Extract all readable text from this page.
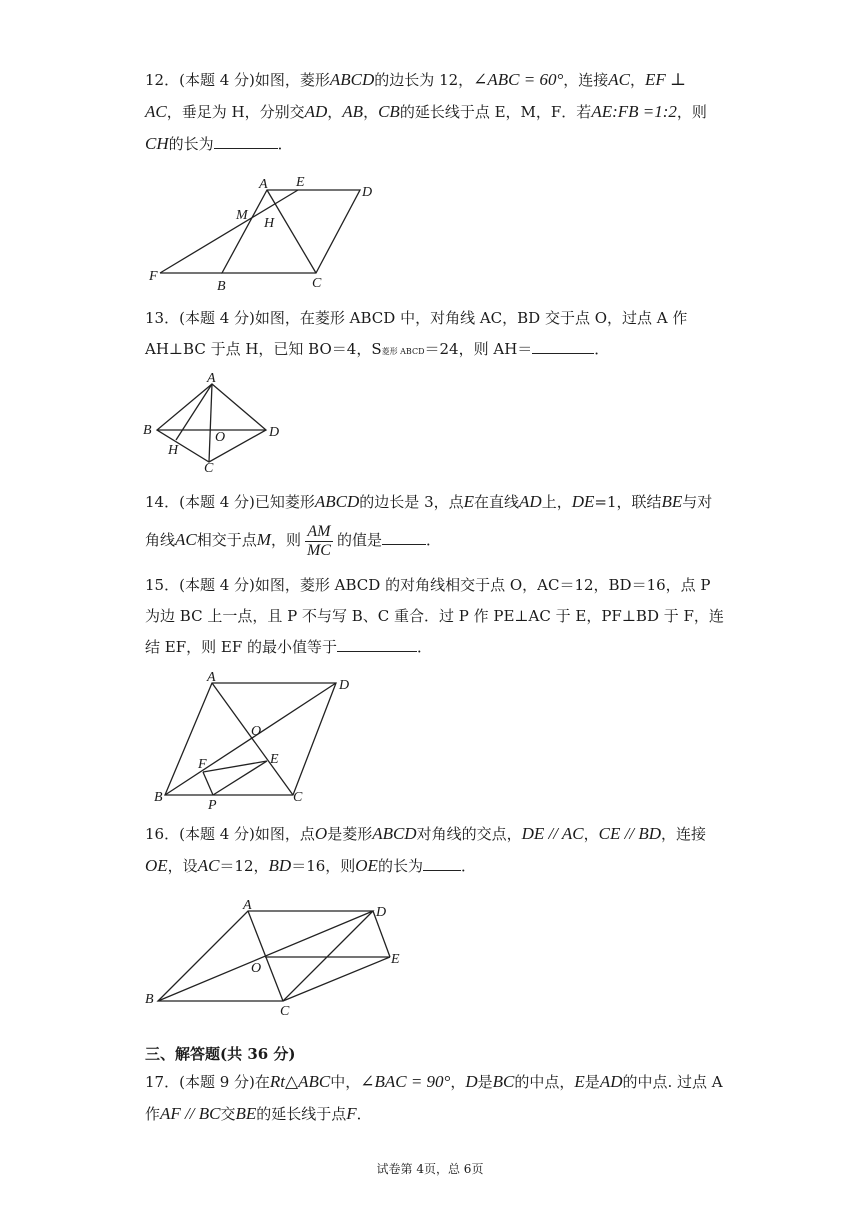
12．(本题 4 分)如图，菱形ABCD的边长为 12，∠ABC = 60°，连接AC，EF ⊥ AC，垂足为 H，分别交AD，AB，CB的延长线于点 E，M，F．若AE:FB =1:2，则CH的长为	．

A E
D
M
H
F
B	C

13．(本题 4 分)如图，在菱形 ABCD 中，对角线 AC，BD 交于点 O，过点 A 作 AH⊥BC 于点 H，已知 BO＝4，S菱形 ABCD＝24，则 AH＝	．

A
B	O	D
H
C

14．(本题 4 分)已知菱形ABCD的边长是 3，点E在直线AD上，DE=1，联结BE与对角线AC相交于点M，则 $\frac{AM}{MC}$ 的值是	．

15．(本题 4 分)如图，菱形 ABCD 的对角线相交于点 O，AC＝12，BD＝16，点 P 为边 BC 上一点，且 P 不与写 B、C 重合．过 P 作 PE⊥AC 于 E，PF⊥BD 于 F，连结 EF，则 EF 的最小值等于	．

A
D
O
F	E
B
P
C

16．(本题 4 分)如图，点O是菱形ABCD对角线的交点，DE // AC，CE // BD，连接OE，设AC＝12，BD＝16，则OE的长为	．

A	D
O
E
B
C

三、解答题(共 36 分)

17．(本题 9 分)在Rt△ABC中，∠BAC = 90°，D是BC的中点，E是AD的中点. 过点 A 作AF // BC交BE的延长线于点F．

试卷第 4页，总 6页
